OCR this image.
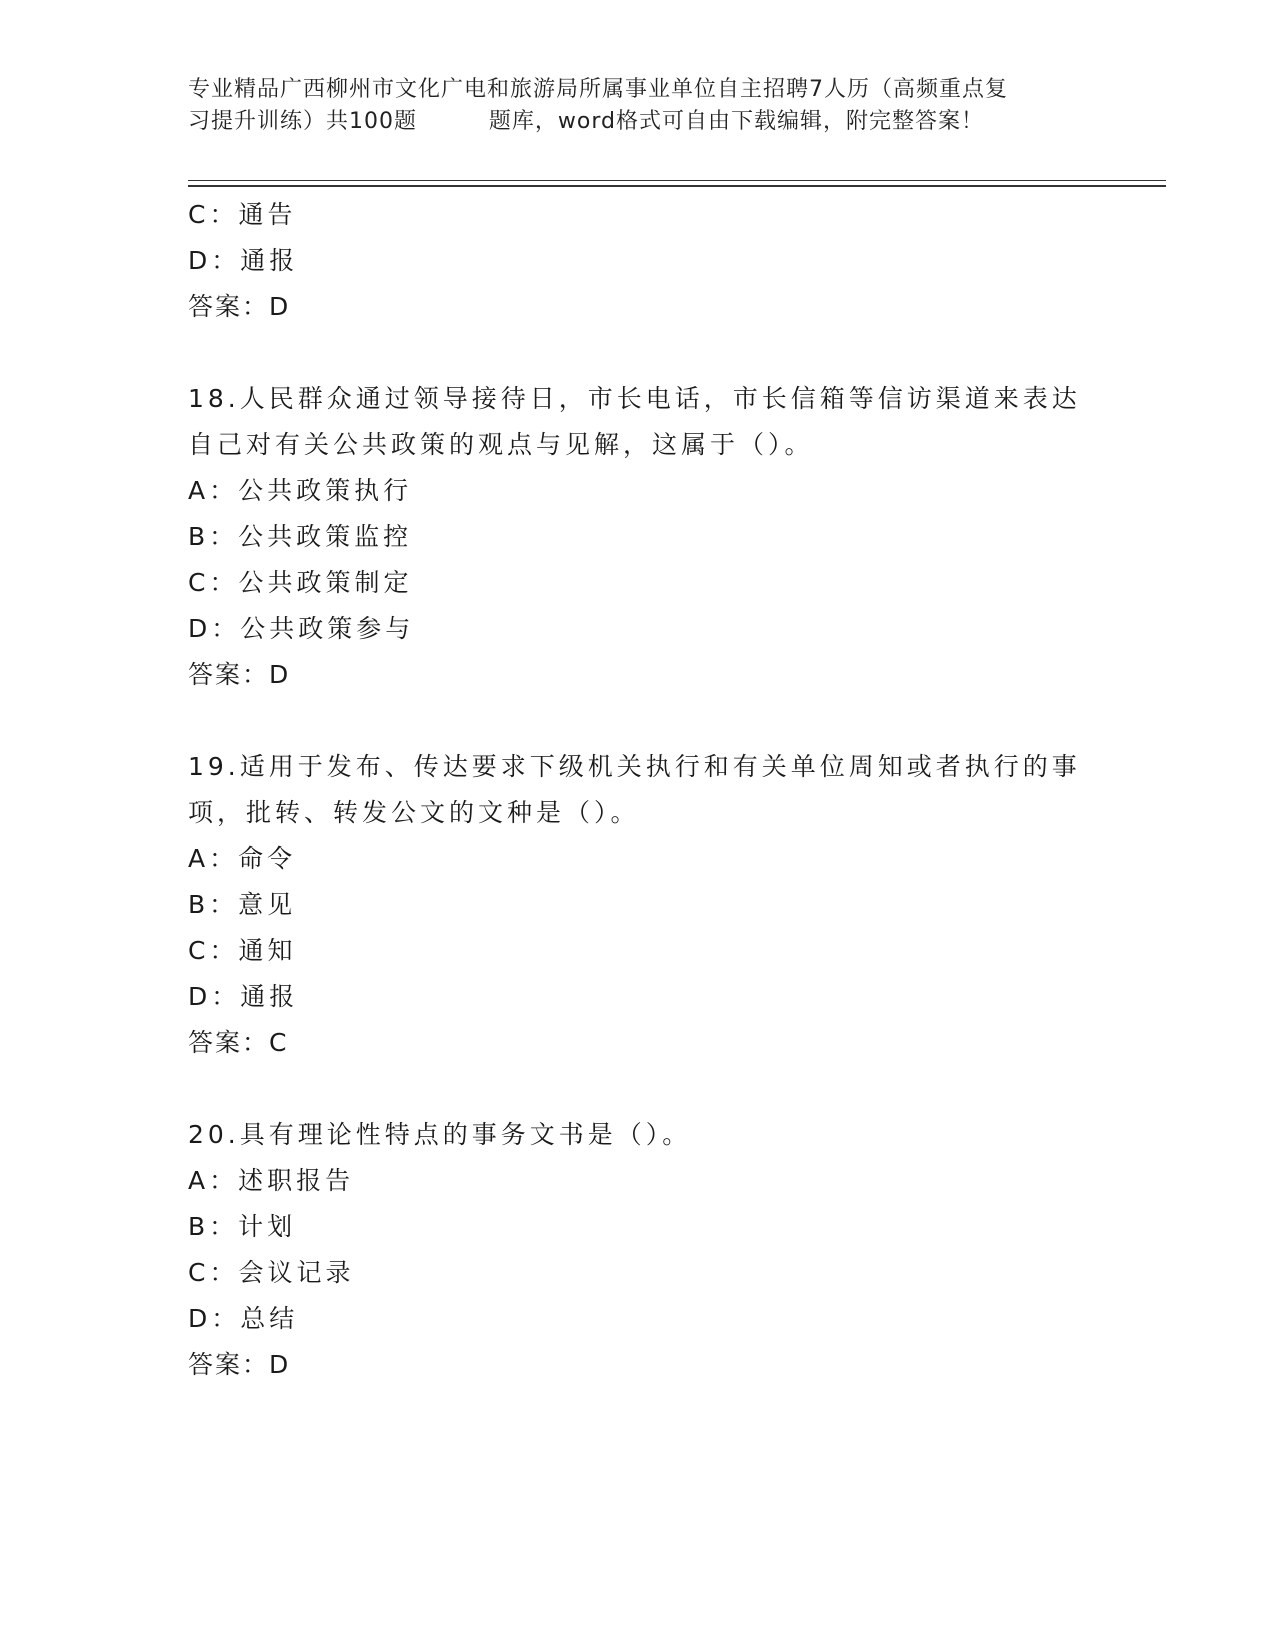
专业精品广西柳州市文化广电和旅游局所属事业单位自主招聘7人历（高频重点复
习提升训练）共100题         题库，word格式可自由下载编辑，附完整答案！
C：通告
D：通报
答案：D
18.人民群众通过领导接待日，市长电话，市长信箱等信访渠道来表达
自己对有关公共政策的观点与见解，这属于（）。
A：公共政策执行
B：公共政策监控
C：公共政策制定
D：公共政策参与
答案：D
19.适用于发布、传达要求下级机关执行和有关单位周知或者执行的事
项，批转、转发公文的文种是（）。
A：命令
B：意见
C：通知
D：通报
答案：C
20.具有理论性特点的事务文书是（）。
A：述职报告
B：计划
C：会议记录
D：总结
答案：D
